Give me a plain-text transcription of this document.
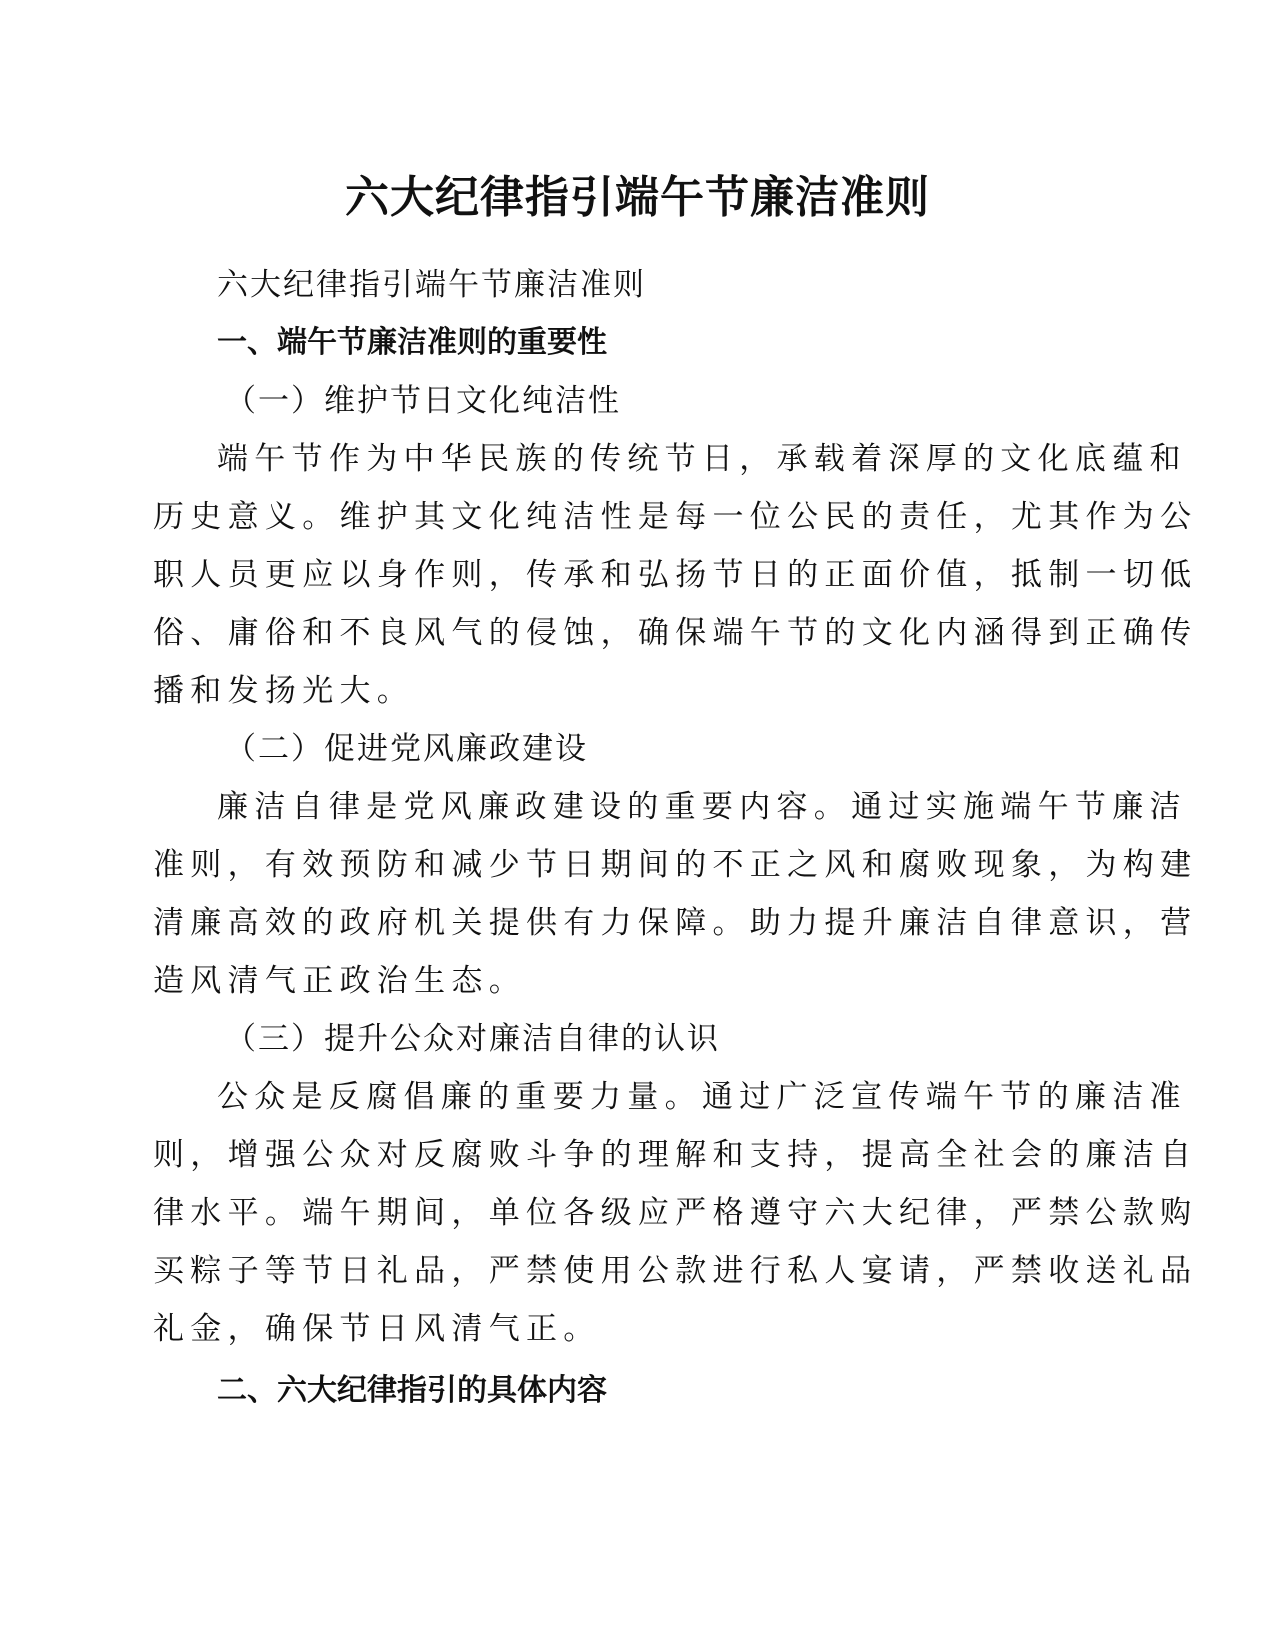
六大纪律指引端午节廉洁准则

六大纪律指引端午节廉洁准则

一、端午节廉洁准则的重要性

（一）维护节日文化纯洁性

端午节作为中华民族的传统节日，承载着深厚的文化底蕴和

历史意义。维护其文化纯洁性是每一位公民的责任，尤其作为公

职人员更应以身作则，传承和弘扬节日的正面价值，抵制一切低

俗、庸俗和不良风气的侵蚀，确保端午节的文化内涵得到正确传

播和发扬光大。

（二）促进党风廉政建设

廉洁自律是党风廉政建设的重要内容。通过实施端午节廉洁

准则，有效预防和减少节日期间的不正之风和腐败现象，为构建

清廉高效的政府机关提供有力保障。助力提升廉洁自律意识，营

造风清气正政治生态。

（三）提升公众对廉洁自律的认识

公众是反腐倡廉的重要力量。通过广泛宣传端午节的廉洁准

则，增强公众对反腐败斗争的理解和支持，提高全社会的廉洁自

律水平。端午期间，单位各级应严格遵守六大纪律，严禁公款购

买粽子等节日礼品，严禁使用公款进行私人宴请，严禁收送礼品

礼金，确保节日风清气正。

二、六大纪律指引的具体内容
